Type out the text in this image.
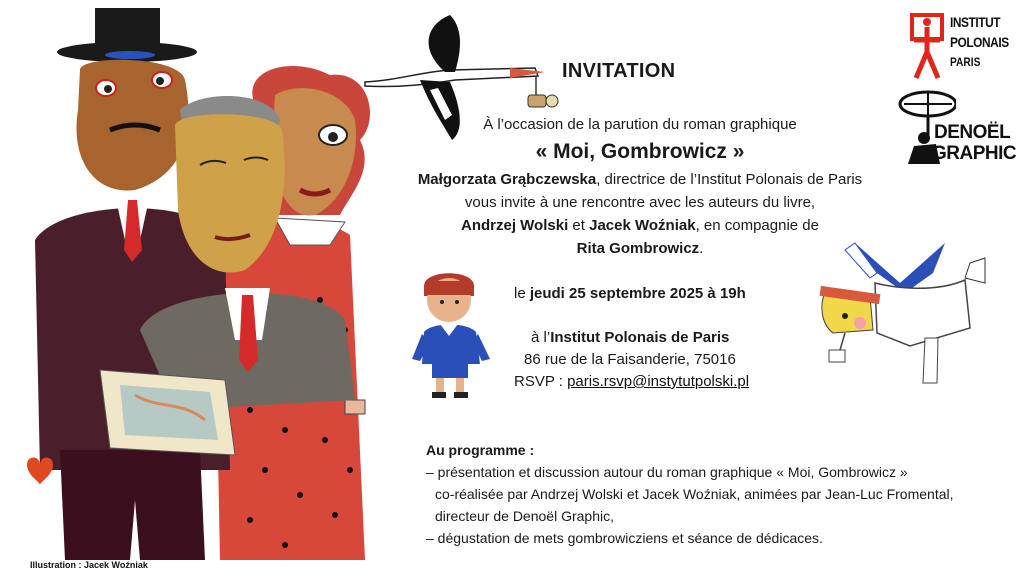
INSTITUT
POLONAIS
PARIS
DENOËL
GRAPHIC
INVITATION
À l’occasion de la parution du roman graphique
« Moi, Gombrowicz »
Małgorzata Grąbczewska, directrice de l’Institut Polonais de Paris
vous invite à une rencontre avec les auteurs du livre,
Andrzej Wolski et Jacek Woźniak, en compagnie de
Rita Gombrowicz.
le jeudi 25 septembre 2025 à 19h
à l’Institut Polonais de Paris
86 rue de la Faisanderie, 75016
RSVP : paris.rsvp@instytutpolski.pl
Au programme :
– présentation et discussion autour du roman graphique « Moi, Gombrowicz »
co-réalisée par Andrzej Wolski et Jacek Woźniak, animées par Jean-Luc Fromental,
directeur de Denoël Graphic,
– dégustation de mets gombrowicziens et séance de dédicaces.
Illustration : Jacek Woźniak
